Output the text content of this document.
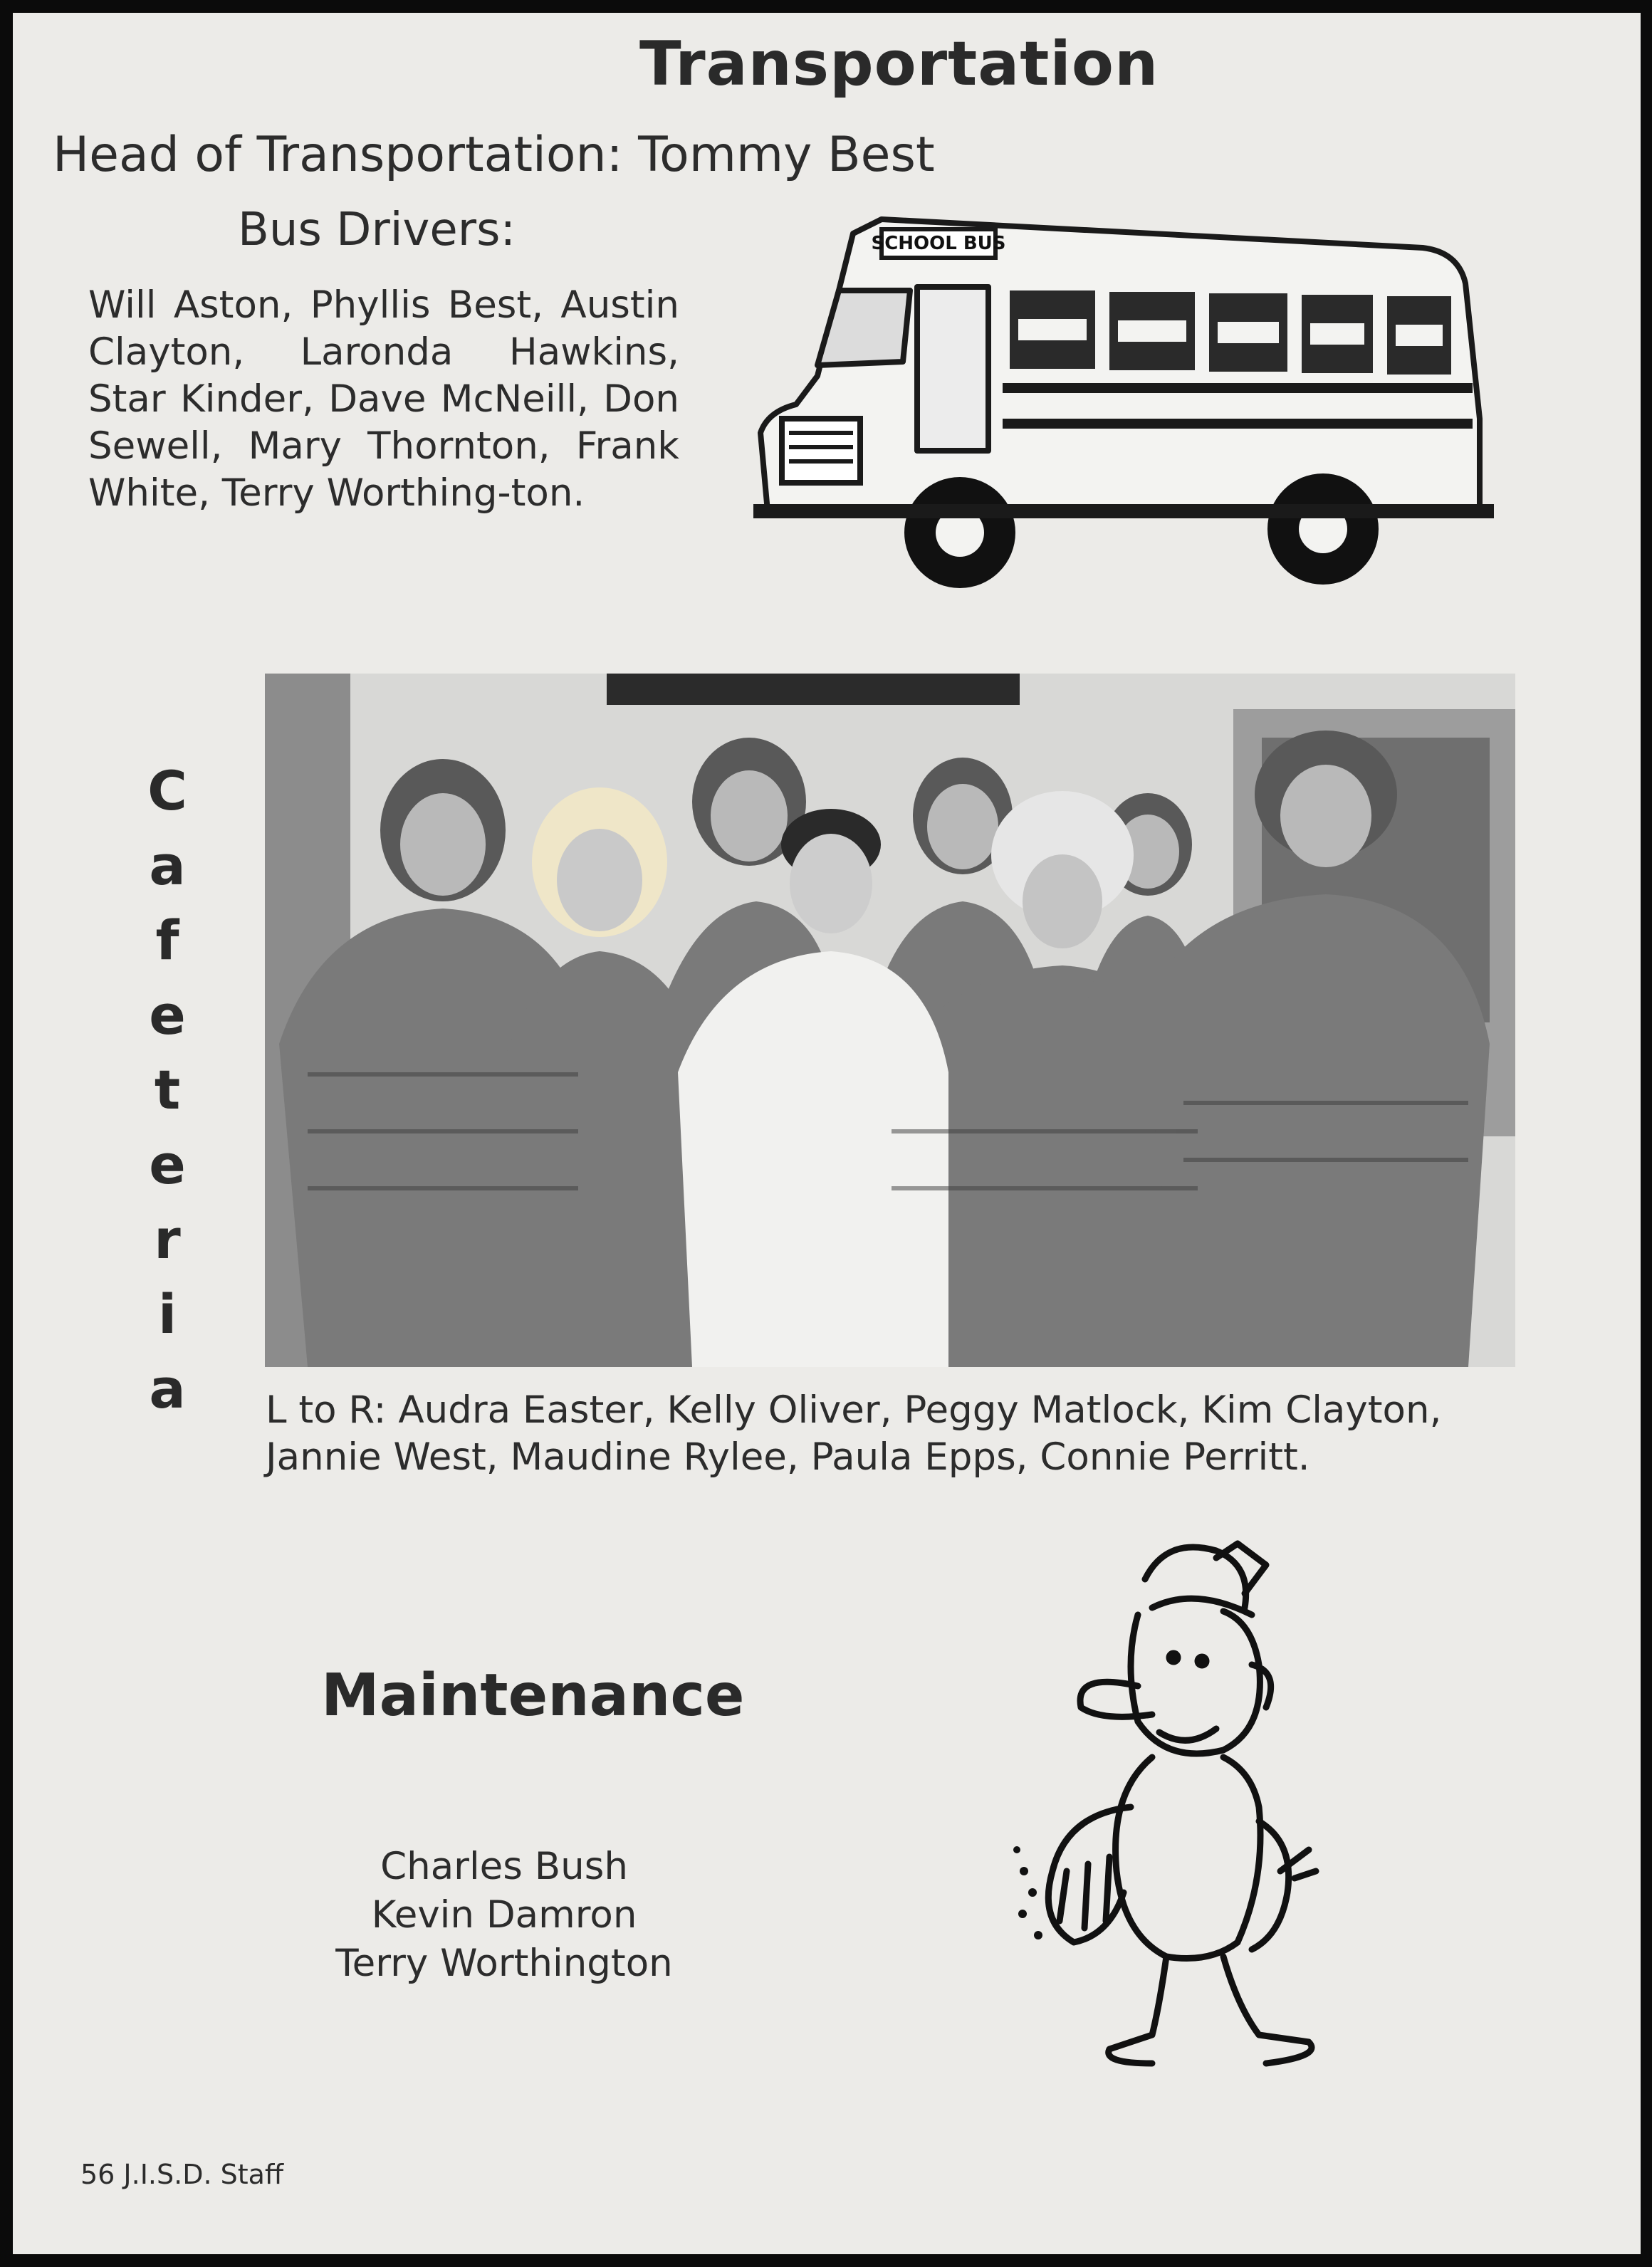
Transportation
Head of Transportation: Tommy Best
Bus Drivers:
Will Aston, Phyllis Best, Austin Clayton, Laronda Hawkins, Star Kinder, Dave McNeill, Don Sewell, Mary Thornton, Frank White, Terry Worthing-ton.
SCHOOL BUS
C
a
f
e
t
e
r
i
a	L to R: Audra Easter, Kelly Oliver, Peggy Matlock, Kim Clayton, Jannie West, Maudine Rylee, Paula Epps, Connie Perritt.
Maintenance
Charles Bush
Kevin Damron
Terry Worthington
56 J.I.S.D. Staff
